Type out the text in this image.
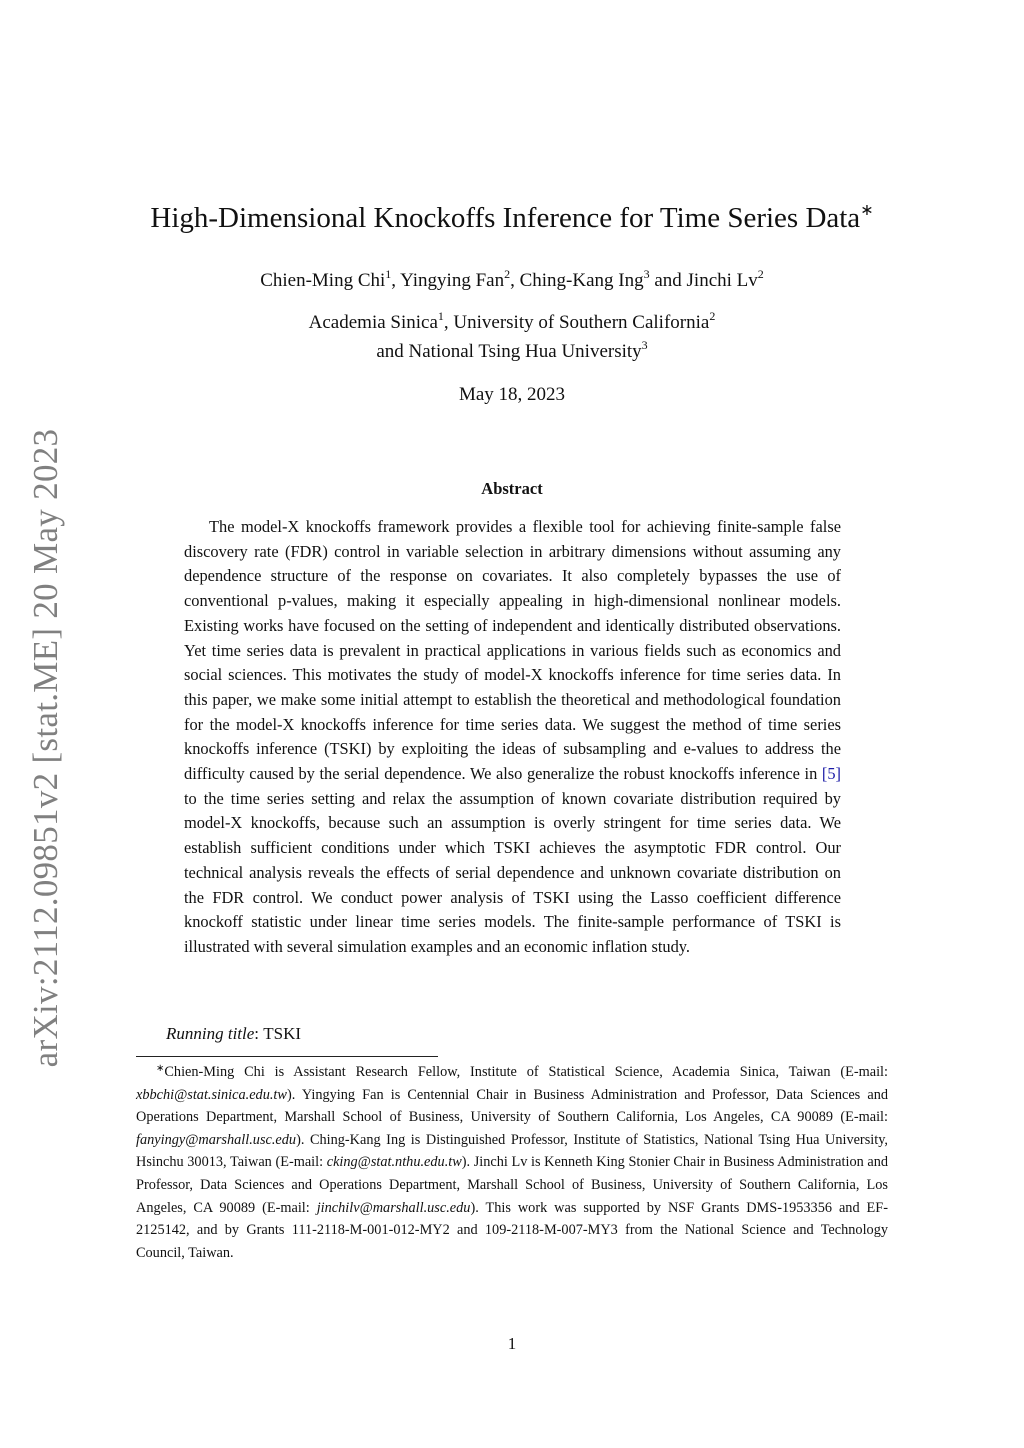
arXiv:2112.09851v2 [stat.ME] 20 May 2023
High-Dimensional Knockoffs Inference for Time Series Data∗
Chien-Ming Chi$^1$, Yingying Fan$^2$, Ching-Kang Ing$^3$ and Jinchi Lv$^2$
Academia Sinica$^1$, University of Southern California$^2$
and National Tsing Hua University$^3$
May 18, 2023
Abstract

The model-X knockoffs framework provides a flexible tool for achieving finite-sample false discovery rate (FDR) control in variable selection in arbitrary dimensions without assuming any dependence structure of the response on covariates. It also completely bypasses the use of conventional p-values, making it especially appealing in high-dimensional nonlinear models. Existing works have focused on the setting of independent and identically distributed observations. Yet time series data is prevalent in practical applications in various fields such as economics and social sciences. This motivates the study of model-X knockoffs inference for time series data. In this paper, we make some initial attempt to establish the theoretical and methodological foundation for the model-X knockoffs inference for time series data. We suggest the method of time series knockoffs inference (TSKI) by exploiting the ideas of subsampling and e-values to address the difficulty caused by the serial dependence. We also generalize the robust knockoffs inference in [5] to the time series setting and relax the assumption of known covariate distribution required by model-X knockoffs, because such an assumption is overly stringent for time series data. We establish sufficient conditions under which TSKI achieves the asymptotic FDR control. Our technical analysis reveals the effects of serial dependence and unknown covariate distribution on the FDR control. We conduct power analysis of TSKI using the Lasso coefficient difference knockoff statistic under linear time series models. The finite-sample performance of TSKI is illustrated with several simulation examples and an economic inflation study.

Running title: TSKI

∗Chien-Ming Chi is Assistant Research Fellow, Institute of Statistical Science, Academia Sinica, Taiwan (E-mail: xbbchi@stat.sinica.edu.tw). Yingying Fan is Centennial Chair in Business Administration and Professor, Data Sciences and Operations Department, Marshall School of Business, University of Southern California, Los Angeles, CA 90089 (E-mail: fanyingy@marshall.usc.edu). Ching-Kang Ing is Distinguished Professor, Institute of Statistics, National Tsing Hua University, Hsinchu 30013, Taiwan (E-mail: cking@stat.nthu.edu.tw). Jinchi Lv is Kenneth King Stonier Chair in Business Administration and Professor, Data Sciences and Operations Department, Marshall School of Business, University of Southern California, Los Angeles, CA 90089 (E-mail: jinchilv@marshall.usc.edu). This work was supported by NSF Grants DMS-1953356 and EF-2125142, and by Grants 111-2118-M-001-012-MY2 and 109-2118-M-007-MY3 from the National Science and Technology Council, Taiwan.

1
